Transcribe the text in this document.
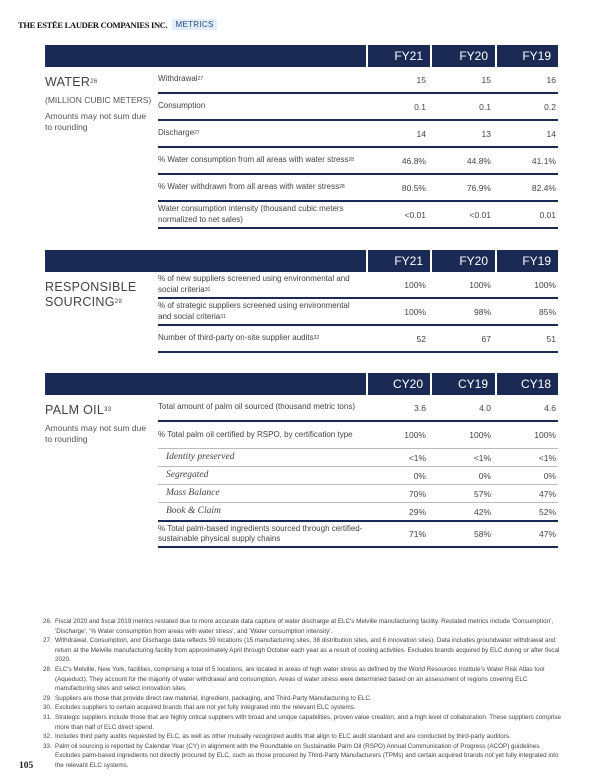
THE ESTĒE LAUDER COMPANIES INC.	METRICS
FY21	FY20	FY19
WATER$^{26}$
(MILLION CUBIC METERS)
Amounts may not sum due to rounding
Withdrawal$^{27}$	15	15	16
Consumption	0.1	0.1	0.2
Discharge$^{27}$	14	13	14
% Water consumption from all areas with water stress$^{28}$	46.8%	44.8%	41.1%
% Water withdrawn from all areas with water stress$^{28}$	80.5%	76.9%	82.4%
Water consumption intensity (thousand cubic meters normalized to net sales)	<0.01	<0.01	0.01
FY21	FY20	FY19
RESPONSIBLE SOURCING$^{29}$
% of new suppliers screened using environmental and social criteria$^{30}$	100%	100%	100%
% of strategic suppliers screened using environmental and social criteria$^{31}$	100%	98%	85%
Number of third-party on-site supplier audits$^{32}$	52	67	51
CY20	CY19	CY18
PALM OIL$^{33}$
Amounts may not sum due to rounding
Total amount of palm oil sourced (thousand metric tons)	3.6	4.0	4.6
% Total palm oil certified by RSPO, by certification type	100%	100%	100%
Identity preserved	<1%	<1%	<1%
Segregated	0%	0%	0%
Mass Balance	70%	57%	47%
Book & Claim	29%	42%	52%
% Total palm-based ingredients sourced through certified-sustainable physical supply chains	71%	58%	47%
26. Fiscal 2020 and fiscal 2019 metrics restated due to more accurate data capture of water discharge at ELC's Melville manufacturing facility. Restated metrics include 'Consumption', 'Discharge', '% Water consumption from areas with water stress', and 'Water consumption intensity'.
27. Withdrawal, Consumption, and Discharge data reflects 59 locations (15 manufacturing sites, 38 distribution sites, and 6 innovation sites). Data includes groundwater withdrawal and return at the Melville manufacturing facility from approximately April through October each year as a result of cooling activities. Excludes brands acquired by ELC during or after fiscal 2020.
28. ELC's Melville, New York, facilities, comprising a total of 5 locations, are located in areas of high water stress as defined by the World Resources Institute's Water Risk Atlas tool (Aqueduct). They account for the majority of water withdrawal and consumption. Areas of water stress were determined based on an assessment of regions covering ELC manufacturing sites and select innovation sites.
29. Suppliers are those that provide direct raw material, ingredient, packaging, and Third-Party Manufacturing to ELC.
30. Excludes suppliers to certain acquired brands that are not yet fully integrated into the relevant ELC systems.
31. Strategic suppliers include those that are highly critical suppliers with broad and unique capabilities, proven value creation, and a high level of collaboration. These suppliers comprise more than half of ELC direct spend.
32. Includes third party audits requested by ELC, as well as other mutually recognized audits that align to ELC audit standard and are conducted by third-party auditors.
33. Palm oil sourcing is reported by Calendar Year (CY) in alignment with the Roundtable on Sustainable Palm Oil (RSPO) Annual Communication of Progress (ACOP) guidelines. Excludes palm-based ingredients not directly procured by ELC, such as those procured by Third-Party Manufacturers (TPMs) and certain acquired brands not yet fully integrated into the relevant ELC systems.
105
